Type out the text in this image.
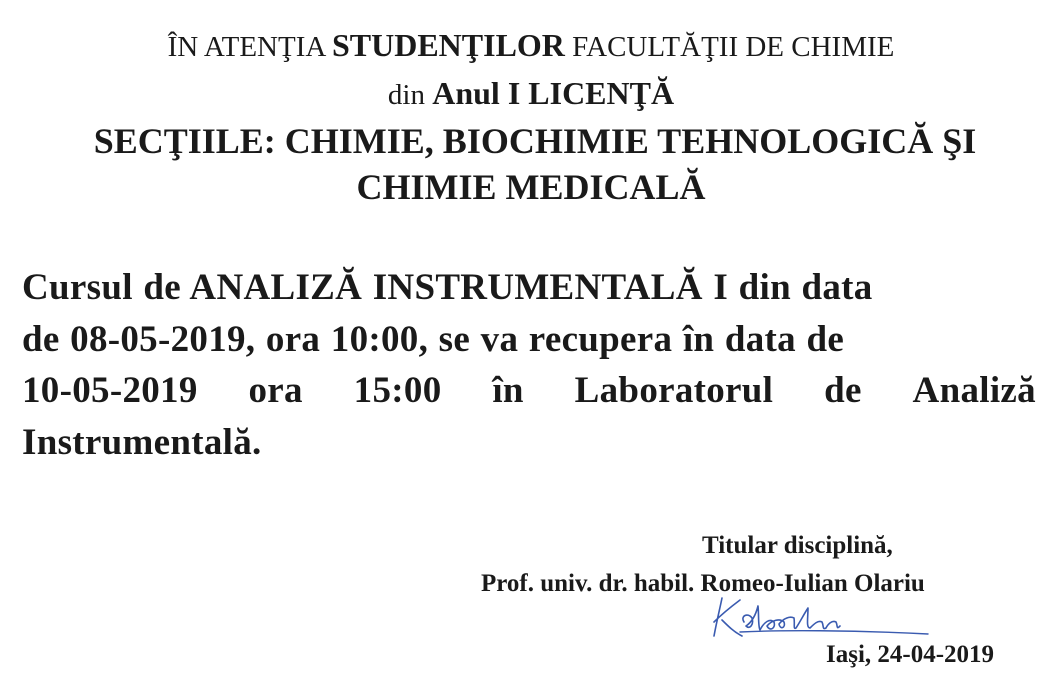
ÎN ATENŢIA STUDENŢILOR FACULTĂŢII DE CHIMIE
din Anul I LICENŢĂ
SECŢIILE: CHIMIE, BIOCHIMIE TEHNOLOGICĂ ŞI
CHIMIE MEDICALĂ
Cursul de ANALIZĂ INSTRUMENTALĂ I din data
de 08-05-2019, ora 10:00, se va recupera în data de
10-05-2019 ora 15:00 în Laboratorul de Analiză
Instrumentală.
Titular disciplină,
Prof. univ. dr. habil. Romeo-Iulian Olariu
Iaşi, 24-04-2019
